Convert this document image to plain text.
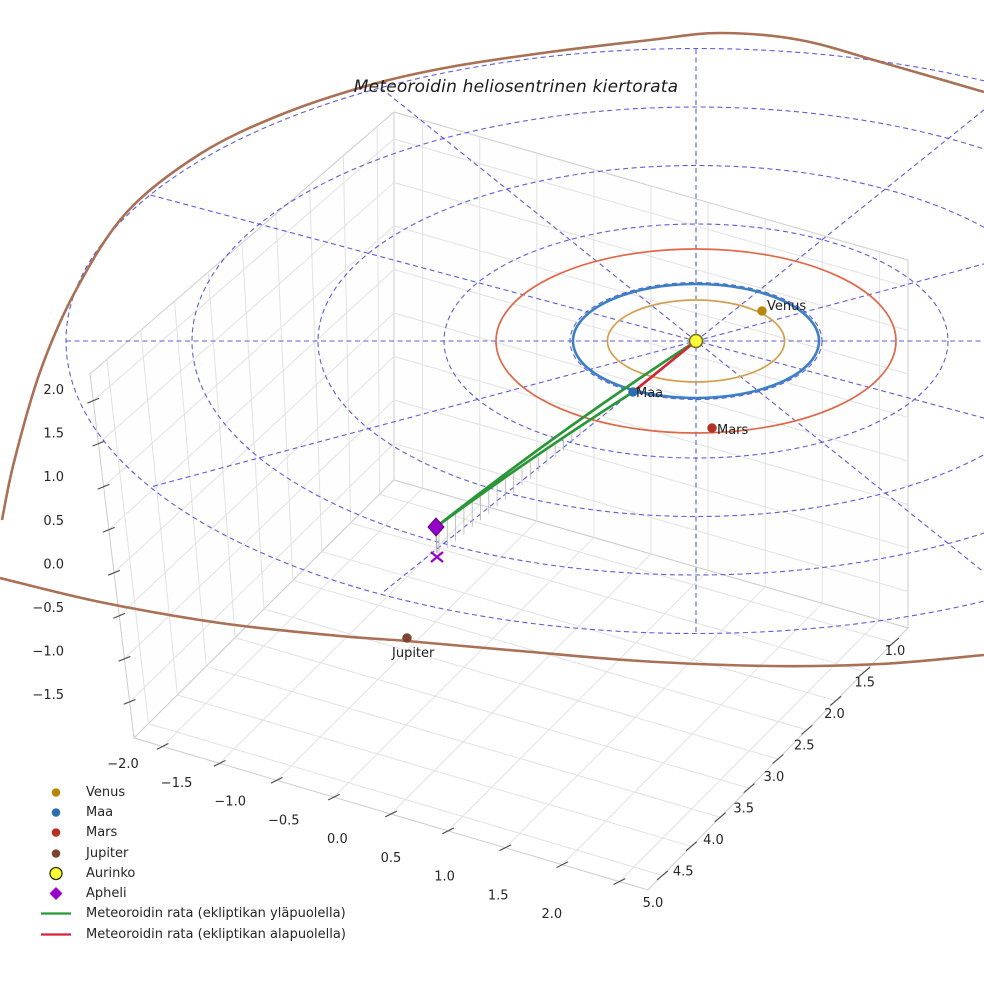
−2.0
−1.5
−1.0
−0.5
0.0
0.5
1.0
1.5
2.0
1.0
1.5
2.0
2.5
3.0
3.5
4.0
4.5
5.0
2.0
1.5
1.0
0.5
0.0
−0.5
−1.0
−1.5
Venus
Maa
Mars
Jupiter
Meteoroidin heliosentrinen kiertorata
Venus
Maa
Mars
Jupiter
Aurinko
Apheli
Meteoroidin rata (ekliptikan yläpuolella)
Meteoroidin rata (ekliptikan alapuolella)
